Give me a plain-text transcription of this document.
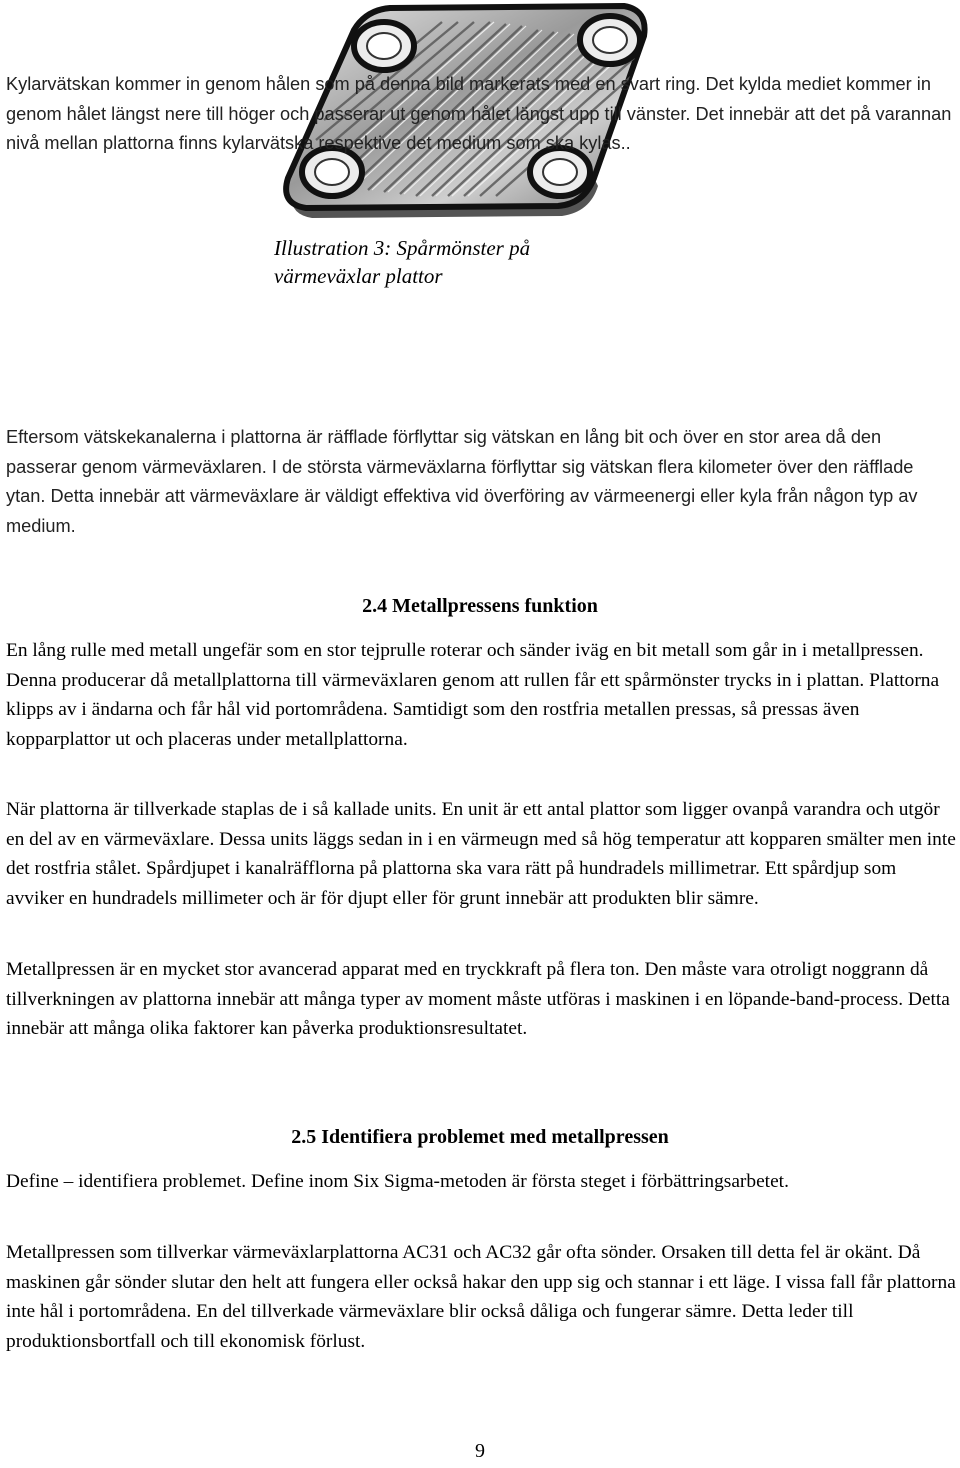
Illustration 3: Spårmönster på
värmeväxlar plattor

Kylarvätskan kommer in genom hålen som på denna bild markerats med en svart ring. Det kylda mediet kommer in genom hålet längst nere till höger och passerar ut genom hålet längst upp till vänster. Det innebär att det på varannan nivå mellan plattorna finns kylarvätska respektive det medium som ska kylas..

Eftersom vätskekanalerna i plattorna är räfflade förflyttar sig vätskan en lång bit och över en stor area då den passerar genom värmeväxlaren. I de största värmeväxlarna förflyttar sig vätskan flera kilometer över den räfflade ytan. Detta innebär att värmeväxlare är väldigt effektiva vid överföring av värmeenergi eller kyla från någon typ av medium.

2.4 Metallpressens funktion

En lång rulle med metall ungefär som en stor tejprulle roterar och sänder iväg en bit metall som går in i metallpressen. Denna producerar då metallplattorna till värmeväxlaren genom att rullen får ett spårmönster trycks in i plattan. Plattorna klipps av i ändarna och får hål vid portområdena. Samtidigt som den rostfria metallen pressas, så pressas även kopparplattor ut och placeras under metallplattorna.

När plattorna är tillverkade staplas de i så kallade units. En unit är ett antal plattor som ligger ovanpå varandra och utgör en del av en värmeväxlare. Dessa units läggs sedan in i en värmeugn med så hög temperatur att kopparen smälter men inte det rostfria stålet. Spårdjupet i kanalräfflorna på plattorna ska vara rätt på hundradels millimetrar. Ett spårdjup som avviker en hundradels millimeter och är för djupt eller för grunt innebär att produkten blir sämre.

Metallpressen är en mycket stor avancerad apparat med en tryckkraft på flera ton. Den måste vara otroligt noggrann då tillverkningen av plattorna innebär att många typer av moment måste utföras i maskinen i en löpande-band-process. Detta innebär att många olika faktorer kan påverka produktionsresultatet.

2.5 Identifiera problemet med metallpressen

Define – identifiera problemet. Define inom Six Sigma-metoden är första steget i förbättringsarbetet.

Metallpressen som tillverkar värmeväxlarplattorna AC31 och AC32 går ofta sönder. Orsaken till detta fel är okänt. Då maskinen går sönder slutar den helt att fungera eller också hakar den upp sig och stannar i ett läge. I vissa fall får plattorna inte hål i portområdena. En del tillverkade värmeväxlare blir också dåliga och fungerar sämre. Detta leder till produktionsbortfall och till ekonomisk förlust.

9
